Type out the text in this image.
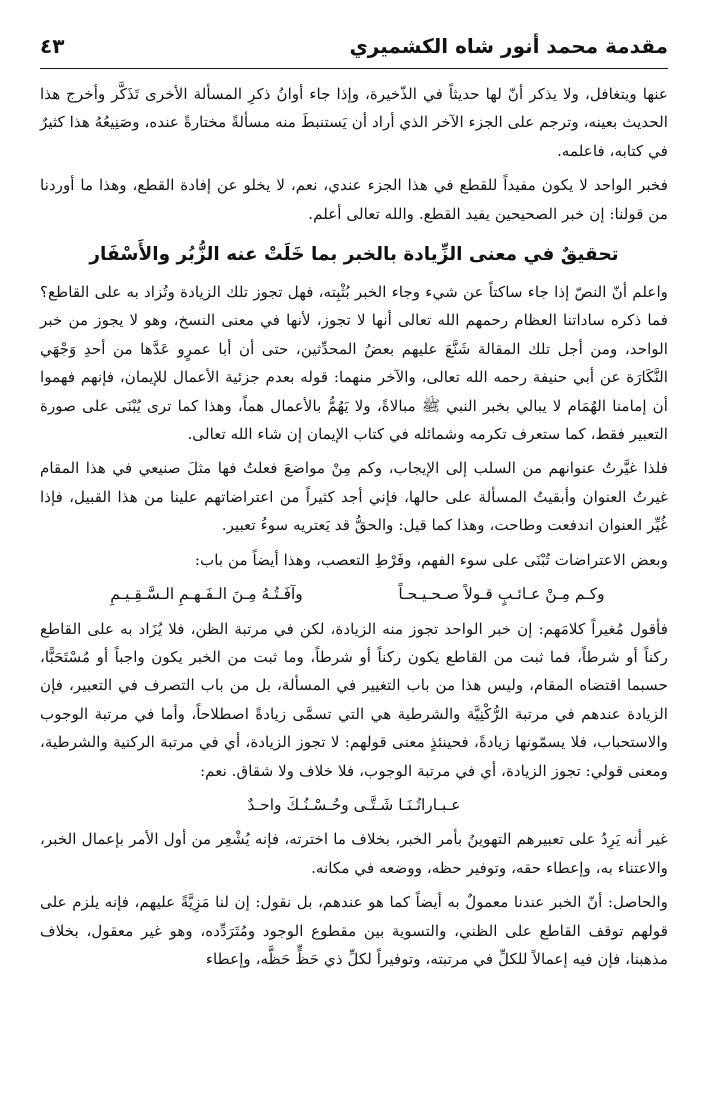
مقدمة محمد أنور شاه الكشميري
٤٣

عنها ويتغافل، ولا يذكر أنّ لها حديثاً في الذّخيرة، وإذا جاء أوانُ ذكرِ المسألة الأخرى تَذَكَّر وأخرج هذا الحديث بعينه، وترجم على الجزء الآخر الذي أراد أن يَستنبطَ منه مسألةً مختارةً عنده، وصَنِيعُهُ هذا كثيرٌ في كتابه، فاعلمه.

فخبر الواحد لا يكون مفيداً للقطع في هذا الجزء عندي، نعم، لا يخلو عن إفادة القطع، وهذا ما أوردنا من قولنا: إن خبر الصحيحين يفيد القطع. والله تعالى أعلم.

تحقيقٌ في معنى الزِّيادة بالخبر بما خَلَتْ عنه الزُّبُر والأَسْفَار

واعلم أنّ النصّ إذا جاء ساكتاً عن شيء وجاء الخبر بُثْبِته، فهل تجوز تلك الزيادة وتُزاد به على القاطع؟ فما ذكره ساداتنا العظام رحمهم الله تعالى أنها لا تجوز، لأنها في معنى النسخ، وهو لا يجوز من خبر الواحد، ومن أجل تلك المقالة شَنَّعَ عليهم بعضُ المحدِّثين، حتى أن أبا عمرٍو عَدَّها من أحدِ وَجْهَي النَّكَارَة عن أبي حنيفة رحمه الله تعالى، والآخر منهما: قوله بعدم جزئية الأعمال للإيمان، فإنهم فهموا أن إمامنا الهُمَام لا يبالي بخبر النبي ﷺ مبالاةً، ولا يَهُمُّ بالأعمال هماً، وهذا كما ترى يُبْنَى على صورة التعبير فقط، كما ستعرف تكرمه وشمائله في كتاب الإيمان إن شاء الله تعالى.

فلذا غيَّرتُ عنوانهم من السلب إلى الإيجاب، وكم مِنْ مواضعَ فعلتُ فها مثلَ صنيعي في هذا المقام غيرتُ العنوان وأبقيتُ المسألة على حالها، فإني أجد كثيراً من اعتراضاتهم علينا من هذا القبيل، فإذا غُيِّر العنوان اندفعت وطاحت، وهذا كما قيل: والحقُّ قد يَعتريه سوءُ تعبير.

وبعض الاعتراضات تُبْنَى على سوء الفهم، وفَرْطِ التعصب، وهذا أيضاً من باب:

وكـم مِـنْ عـائـبٍ قـولاً صـحـيـحـاً وآفَـتُـهُ مِـنَ الـفَـهـمِ الـسَّـقِـيـمِ

فأقول مُغيراً كلامَهم: إن خبر الواحد تجوز منه الزيادة، لكن في مرتبة الظن، فلا يُزَاد به على القاطع ركناً أو شرطاً، فما ثبت من القاطع يكون ركناً أو شرطاً، وما ثبت من الخبر يكون واجباً أو مُسْتَحَبًّا، حسبما اقتضاه المقام، وليس هذا من باب التغيير في المسألة، بل من باب التصرف في التعبير، فإن الزيادة عندهم في مرتبة الرُّكْنِيَّة والشرطية هي التي تسمَّى زيادةً اصطلاحاً، وأما في مرتبة الوجوب والاستحباب، فلا يسمّونها زيادةً، فحينئذٍ معنى قولهم: لا تجوز الزيادة، أي في مرتبة الركنية والشرطية، ومعنى قولي: تجوز الزيادة، أي في مرتبة الوجوب، فلا خلاف ولا شقاق. نعم:

عـبـاراتُـنَـا شَـتَّـى وحُـسْـنُـكَ واحـدٌ

غير أنه يَرِدُ على تعبيرهم التهوينُ بأمر الخبر، بخلاف ما اخترته، فإنه يُشْعِر من أول الأمر بإعمال الخبر، والاعتناء به، وإعطاء حقه، وتوفير حظه، ووضعه في مكانه.

والحاصل: أنّ الخبر عندنا معمولٌ به أيضاً كما هو عندهم، بل نقول: إن لنا مَزِيَّةً عليهم، فإنه يلزم على قولهم توقف القاطع على الظني، والتسوية بين مقطوع الوجود ومُتَرَدِّده، وهو غير معقول، بخلاف مذهبنا، فإن فيه إعمالاً للكلِّ في مرتبته، وتوفيراً لكلِّ ذي حَظٍّ حَظَّه، وإعطاء
